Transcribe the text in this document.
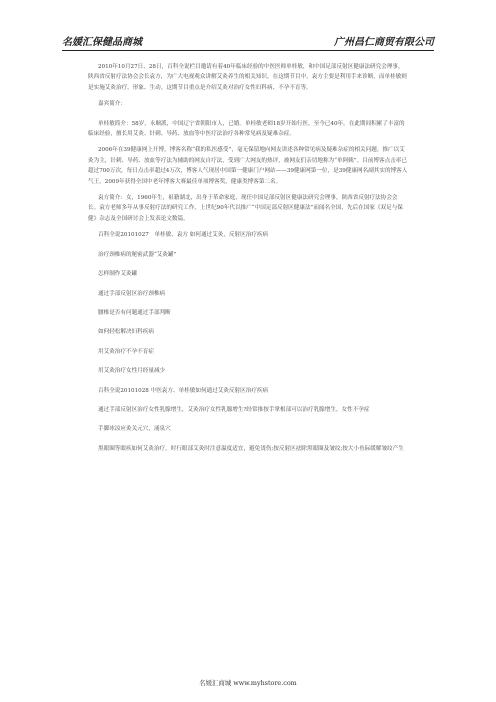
名媛汇保健品商城	广州昌仁商贸有限公司

2010年10月27日、28日，百科全说栏目邀请有着40年临床经验的中医医师单桂敏，和中国足部反射区健康法研究会理事，陕西省反射疗法协会会长袁方，为广大电视观众讲解艾灸养生的相关知识。在这期节目中，袁方主要是利用手来诊断，而单桂敏则是实施艾灸治疗，形象、生动。这期节目重点是介绍艾灸对治疗女性妇科病、不孕不育等。

嘉宾简介：

单桂敏简介：58岁，永顺派，中国辽宁省朝阳市人，已婚。单桂敏老师18岁开始行医，至今已40年。在此期间积累了丰富的临床经验，擅长用艾灸、针刺、导药、放血等中医疗法治疗各种常见病及疑难杂症。

2006年在39健康网上开博，博客名称“我的私医感受”，毫无保留地向网友讲述各种常见病及疑难杂症的相关问题。推广以艾灸为主，针刺、导药、放血等疗法为辅助的网友自疗法，受到广大网友的热评，被网友们亲切地称为“单阿姨”。目前博客点击率已超过700万次，每日点击率超过4万次，博客人气现居中国第一健康门户网站——39健康网第一位，是39健康网名副其实的博客人气王。2009年获得全国中老年博客大赛最佳单项博客奖，健康类博客第二名。

袁方简介：女，1960年生，祖籍湖北，出身于革命家庭，现任中国足部反射区健康法研究会理事，陕西省反射疗法协会会长。袁方老师多年从事反射疗法的研究工作，上世纪90年代以推广“中国足部反射区健康法”而闻名全国，先后在国家《双足与保健》杂志及全国研讨会上发表论文数篇。

百科全说20101027　单桂敏、袁方 如何通过艾灸，反射区治疗疾病

治疗颈椎病的秘密武器“艾灸罐”

怎样制作艾灸罐

通过手部反射区治疗颈椎病

腰椎是否有问题通过手部判断

如何轻松解决妇科疾病

用艾灸治疗不孕不育症

用艾灸治疗女性月经量减少

百科全说20101028 中医袁方、单桂敏如何通过艾灸反射区治疗疾病

通过手部反射区治疗女性乳腺增生，艾灸治疗女性乳腺增生?经常推按手掌根部可以治疗乳腺增生，女性不孕症

手脚冰凉应灸关元穴，涌泉穴

黑眼圈等眼疾如何艾灸治疗，时行眼部艾灸时注意温度适宜，避免烫伤;按反射区祛除黑眼圈及皱纹;按大小鱼际缓解皱纹产生

名媛汇商城 www.myhstore.com
